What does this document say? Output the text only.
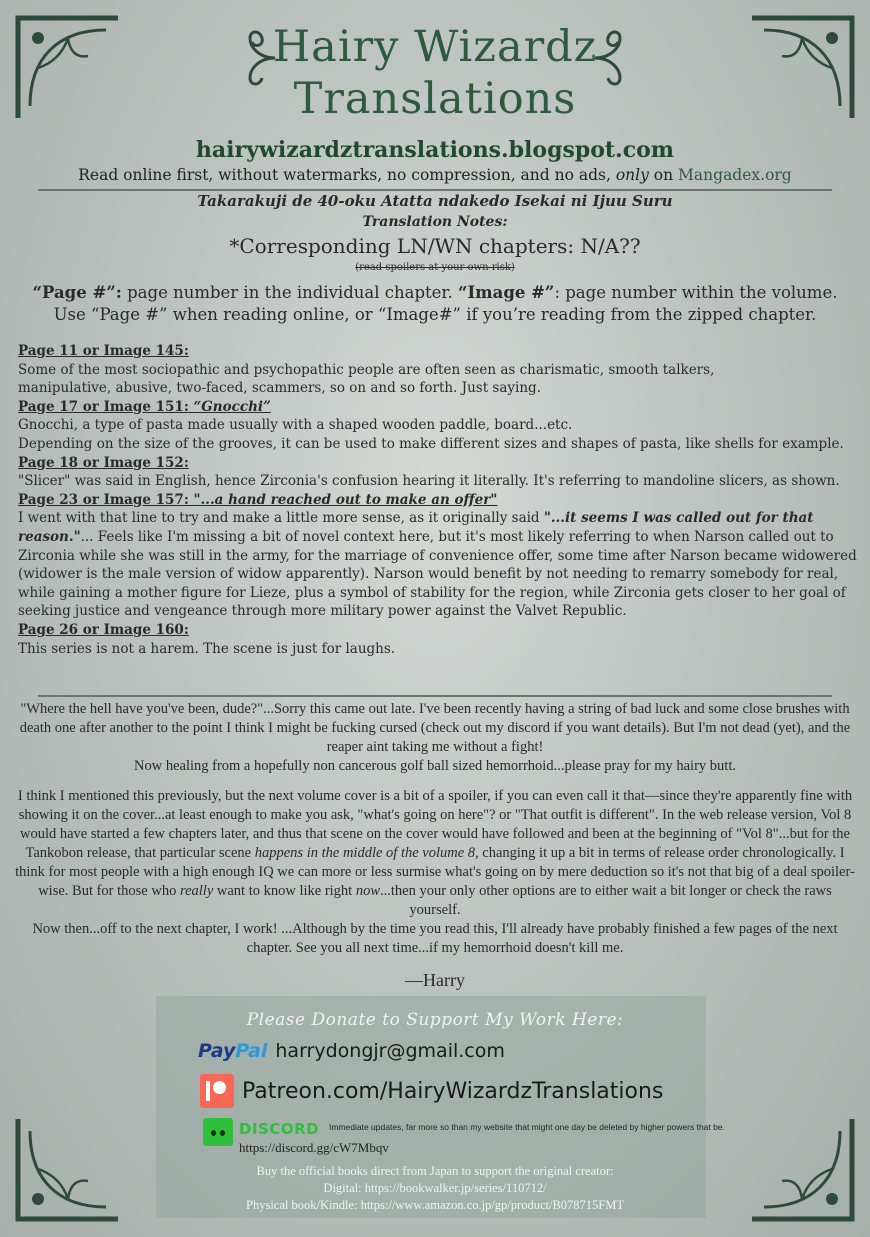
Hairy Wizardz
Translations
hairywizardztranslations.blogspot.com
Read online first, without watermarks, no compression, and no ads, only on Mangadex.org
Takarakuji de 40-oku Atatta ndakedo Isekai ni Ijuu Suru
Translation Notes:
*Corresponding LN/WN chapters: N/A??
(read spoilers at your own risk)
“Page #”: page number in the individual chapter. “Image #”: page number within the volume.
Use “Page #” when reading online, or “Image#” if you’re reading from the zipped chapter.

Page 11 or Image 145:

Some of the most sociopathic and psychopathic people are often seen as charismatic, smooth talkers,

manipulative, abusive, two-faced, scammers, so on and so forth. Just saying.

Page 17 or Image 151: “Gnocchi”

Gnocchi, a type of pasta made usually with a shaped wooden paddle, board...etc.

Depending on the size of the grooves, it can be used to make different sizes and shapes of pasta, like shells for example.

Page 18 or Image 152:

"Slicer" was said in English, hence Zirconia's confusion hearing it literally. It's referring to mandoline slicers, as shown.

Page 23 or Image 157: "...a hand reached out to make an offer"

I went with that line to try and make a little more sense, as it originally said "...it seems I was called out for that reason."... Feels like I'm missing a bit of novel context here, but it's most likely referring to when Narson called out to Zirconia while she was still in the army, for the marriage of convenience offer, some time after Narson became widowered (widower is the male version of widow apparently). Narson would benefit by not needing to remarry somebody for real, while gaining a mother figure for Lieze, plus a symbol of stability for the region, while Zirconia gets closer to her goal of seeking justice and vengeance through more military power against the Valvet Republic.

Page 26 or Image 160:

This series is not a harem. The scene is just for laughs.

"Where the hell have you've been, dude?"...Sorry this came out late. I've been recently having a string of bad luck and some close brushes with death one after another to the point I think I might be fucking cursed (check out my discord if you want details). But I'm not dead (yet), and the reaper aint taking me without a fight!
Now healing from a hopefully non cancerous golf ball sized hemorrhoid...please pray for my hairy butt.

I think I mentioned this previously, but the next volume cover is a bit of a spoiler, if you can even call it that—since they're apparently fine with showing it on the cover...at least enough to make you ask, "what's going on here"? or "That outfit is different". In the web release version, Vol 8 would have started a few chapters later, and thus that scene on the cover would have followed and been at the beginning of "Vol 8"...but for the Tankobon release, that particular scene happens in the middle of the volume 8, changing it up a bit in terms of release order chronologically. I think for most people with a high enough IQ we can more or less surmise what's going on by mere deduction so it's not that big of a deal spoiler-wise. But for those who really want to know like right now...then your only other options are to either wait a bit longer or check the raws yourself.
Now then...off to the next chapter, I work! ...Although by the time you read this, I'll already have probably finished a few pages of the next chapter. See you all next time...if my hemorrhoid doesn't kill me.

—Harry
Please Donate to Support My Work Here:
PayPal harrydongjr@gmail.com
Patreon.com/HairyWizardzTranslations
DISCORD Immediate updates, far more so than my website that might one day be deleted by higher powers that be.
https://discord.gg/cW7Mbqv
Buy the official books direct from Japan to support the original creator:
Digital: https://bookwalker.jp/series/110712/
Physical book/Kindle: https://www.amazon.co.jp/gp/product/B078715FMT
